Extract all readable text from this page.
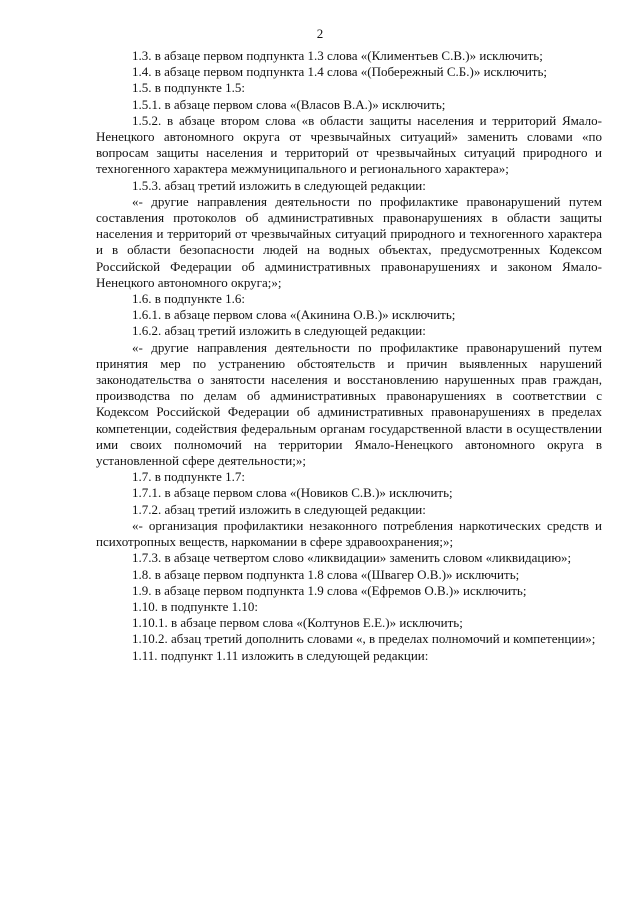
2

1.3. в абзаце первом подпункта 1.3 слова «(Климентьев С.В.)» исключить;

1.4. в абзаце первом подпункта 1.4 слова «(Побережный С.Б.)» исключить;

1.5. в подпункте 1.5:

1.5.1. в абзаце первом слова «(Власов В.А.)» исключить;

1.5.2. в абзаце втором слова «в области защиты населения и территорий Ямало-Ненецкого автономного округа от чрезвычайных ситуаций» заменить словами «по вопросам защиты населения и территорий от чрезвычайных ситуаций природного и техногенного характера межмуниципального и регионального характера»;

1.5.3. абзац третий изложить в следующей редакции:

«- другие направления деятельности по профилактике правонарушений путем составления протоколов об административных правонарушениях в области защиты населения и территорий от чрезвычайных ситуаций природного и техногенного характера и в области безопасности людей на водных объектах, предусмотренных Кодексом Российской Федерации об административных правонарушениях и законом Ямало-Ненецкого автономного округа;»;

1.6. в подпункте 1.6:

1.6.1. в абзаце первом слова «(Акинина О.В.)» исключить;

1.6.2. абзац третий изложить в следующей редакции:

«- другие направления деятельности по профилактике правонарушений путем принятия мер по устранению обстоятельств и причин выявленных нарушений законодательства о занятости населения и восстановлению нарушенных прав граждан, производства по делам об административных правонарушениях в соответствии с Кодексом Российской Федерации об административных правонарушениях в пределах компетенции, содействия федеральным органам государственной власти в осуществлении ими своих полномочий на территории Ямало-Ненецкого автономного округа в установленной сфере деятельности;»;

1.7. в подпункте 1.7:

1.7.1. в абзаце первом слова «(Новиков С.В.)» исключить;

1.7.2. абзац третий изложить в следующей редакции:

«- организация профилактики незаконного потребления наркотических средств и психотропных веществ, наркомании в сфере здравоохранения;»;

1.7.3. в абзаце четвертом слово «ликвидации» заменить словом «ликвидацию»;

1.8. в абзаце первом подпункта 1.8 слова «(Швагер О.В.)» исключить;

1.9. в абзаце первом подпункта 1.9 слова «(Ефремов О.В.)» исключить;

1.10. в подпункте 1.10:

1.10.1. в абзаце первом слова «(Колтунов Е.Е.)» исключить;

1.10.2. абзац третий дополнить словами «, в пределах полномочий и компетенции»;

1.11. подпункт 1.11 изложить в следующей редакции:
